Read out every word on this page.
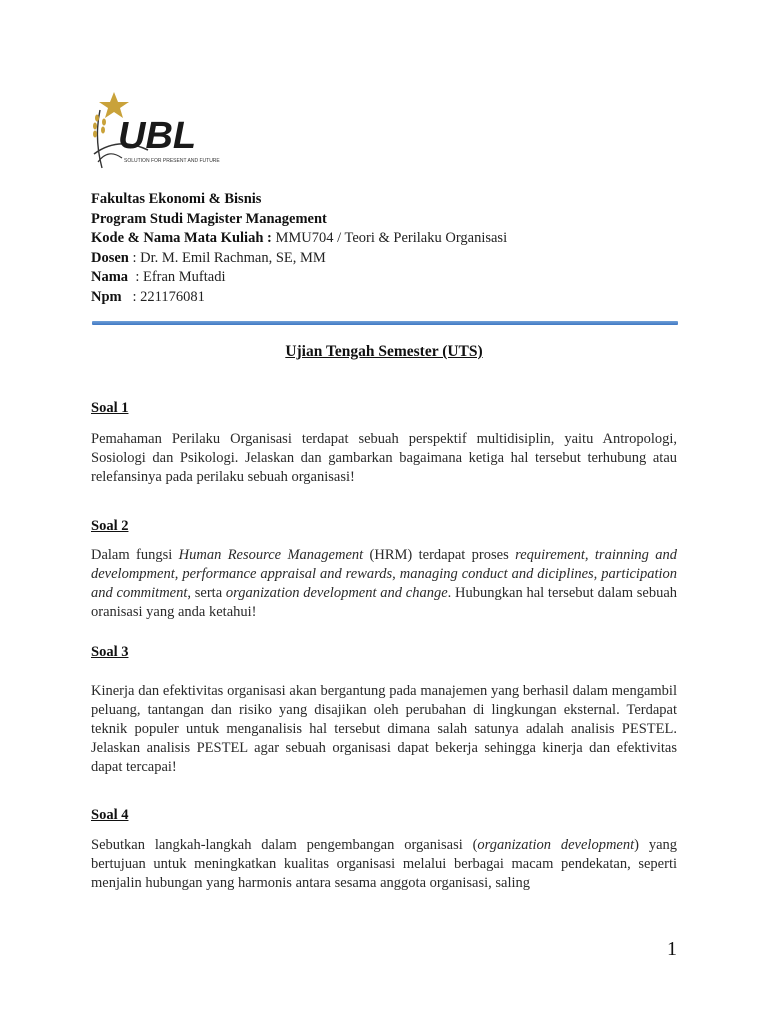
UBL
SOLUTION FOR PRESENT AND FUTURE
Fakultas Ekonomi & Bisnis
Program Studi Magister Management
Kode & Nama Mata Kuliah : MMU704 / Teori & Perilaku Organisasi
Dosen : Dr. M. Emil Rachman, SE, MM
Nama  : Efran Muftadi
Npm   : 221176081
Ujian Tengah Semester (UTS)
Soal 1
Pemahaman Perilaku Organisasi terdapat sebuah perspektif multidisiplin, yaitu Antropologi, Sosiologi dan Psikologi. Jelaskan dan gambarkan bagaimana ketiga hal tersebut terhubung atau relefansinya pada perilaku sebuah organisasi!
Soal 2
Dalam fungsi Human Resource Management (HRM) terdapat proses requirement, trainning and develompment, performance appraisal and rewards, managing conduct and diciplines, participation and commitment, serta organization development and change. Hubungkan hal tersebut dalam sebuah oranisasi yang anda ketahui!
Soal 3
Kinerja dan efektivitas organisasi akan bergantung pada manajemen yang berhasil dalam mengambil peluang, tantangan dan risiko yang disajikan oleh perubahan di lingkungan eksternal. Terdapat teknik populer untuk menganalisis hal tersebut dimana salah satunya adalah analisis PESTEL. Jelaskan analisis PESTEL agar sebuah organisasi dapat bekerja sehingga kinerja dan efektivitas dapat tercapai!
Soal 4
Sebutkan langkah-langkah dalam pengembangan organisasi (organization development) yang bertujuan untuk meningkatkan kualitas organisasi melalui berbagai macam pendekatan, seperti menjalin hubungan yang harmonis antara sesama anggota organisasi, saling
1
